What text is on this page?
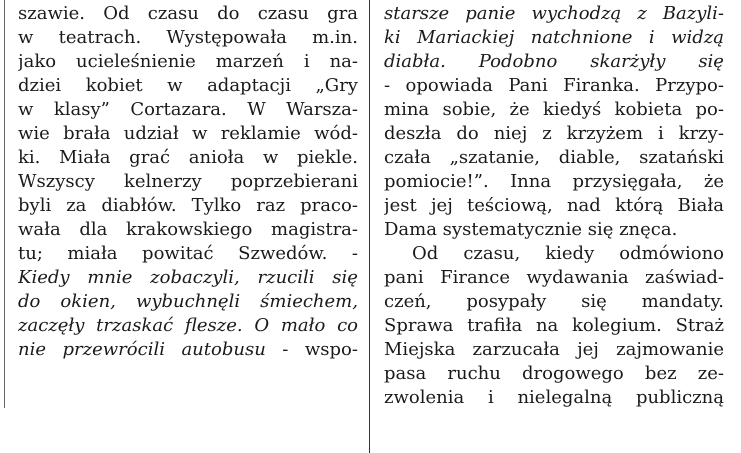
szawie. Od czasu do czasu gra
w teatrach. Występowała m.in.
jako ucieleśnienie marzeń i na-
dziei kobiet w adaptacji „Gry
w klasy” Cortazara. W Warsza-
wie brała udział w reklamie wód-
ki. Miała grać anioła w piekle.
Wszyscy kelnerzy poprzebierani
byli za diabłów. Tylko raz praco-
wała dla krakowskiego magistra-
tu; miała powitać Szwedów. -
Kiedy mnie zobaczyli, rzucili się
do okien, wybuchnęli śmiechem,
zaczęły trzaskać flesze. O mało co
nie przewrócili autobusu - wspo-
starsze panie wychodzą z Bazyli-
ki Mariackiej natchnione i widzą
diabła. Podobno skarżyły się
- opowiada Pani Firanka. Przypo-
mina sobie, że kiedyś kobieta po-
deszła do niej z krzyżem i krzy-
czała „szatanie, diable, szatański
pomiocie!”. Inna przysięgała, że
jest jej teściową, nad którą Biała
Dama systematycznie się znęca.
Od czasu, kiedy odmówiono
pani Firance wydawania zaświad-
czeń, posypały się mandaty.
Sprawa trafiła na kolegium. Straż
Miejska zarzucała jej zajmowanie
pasa ruchu drogowego bez ze-
zwolenia i nielegalną publiczną
